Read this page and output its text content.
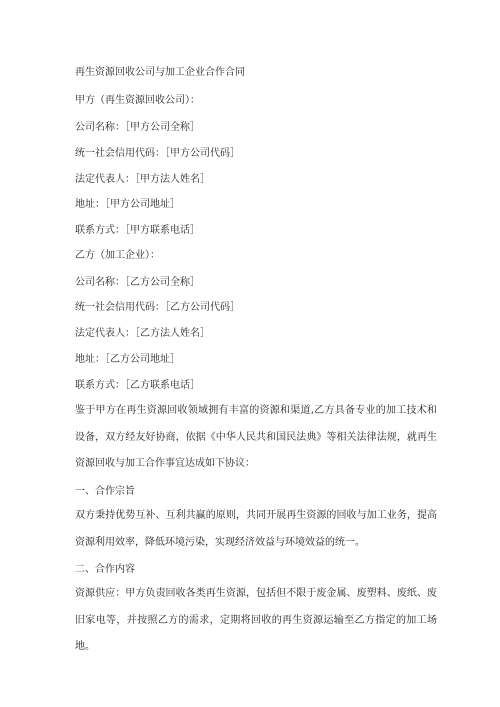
再生资源回收公司与加工企业合作合同
甲方（再生资源回收公司）：
公司名称：［甲方公司全称］
统一社会信用代码：［甲方公司代码］
法定代表人：［甲方法人姓名］
地址：［甲方公司地址］
联系方式：［甲方联系电话］
乙方（加工企业）：
公司名称：［乙方公司全称］
统一社会信用代码：［乙方公司代码］
法定代表人：［乙方法人姓名］
地址：［乙方公司地址］
联系方式：［乙方联系电话］
鉴于甲方在再生资源回收领域拥有丰富的资源和渠道,乙方具备专业的加工技术和设备，双方经友好协商，依据《中华人民共和国民法典》等相关法律法规，就再生资源回收与加工合作事宜达成如下协议：
一、合作宗旨
双方秉持优势互补、互利共赢的原则，共同开展再生资源的回收与加工业务，提高资源利用效率，降低环境污染，实现经济效益与环境效益的统一。
二、合作内容
资源供应：甲方负责回收各类再生资源，包括但不限于废金属、废塑料、废纸、废旧家电等，并按照乙方的需求，定期将回收的再生资源运输至乙方指定的加工场地。
